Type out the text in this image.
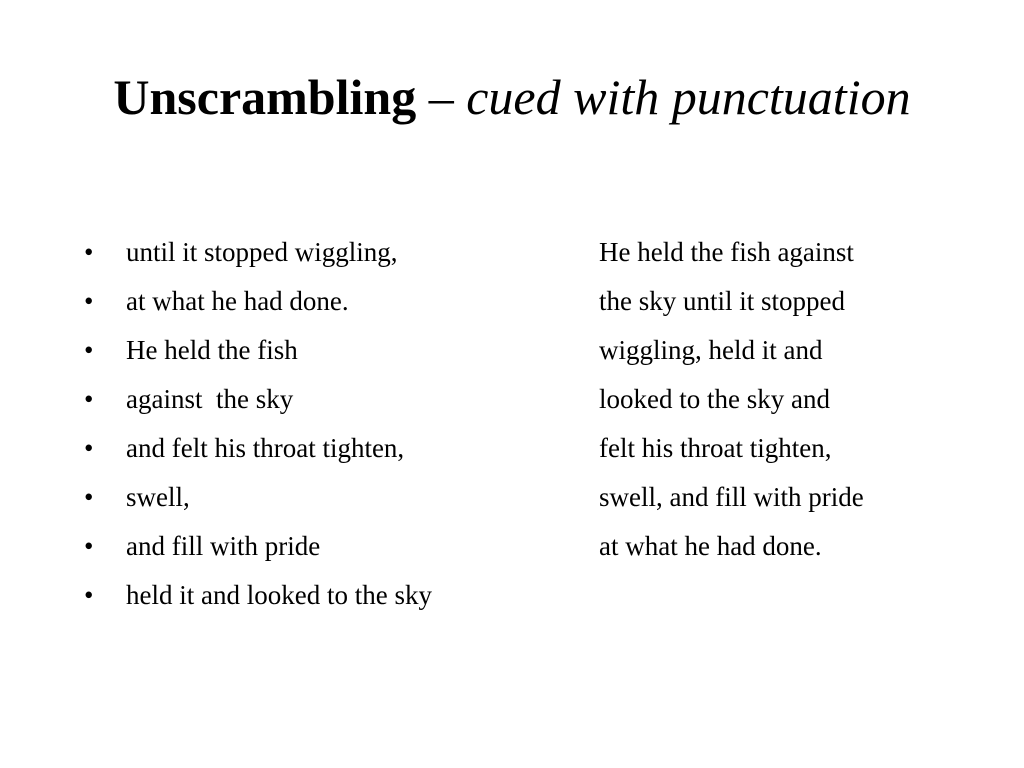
Unscrambling – cued with punctuation
• until it stopped wiggling,
• at what he had done.
• He held the fish
• against  the sky
• and felt his throat tighten,
• swell,
• and fill with pride
• held it and looked to the sky
He held the fish against
the sky until it stopped
wiggling, held it and
looked to the sky and
felt his throat tighten,
swell, and fill with pride
at what he had done.
